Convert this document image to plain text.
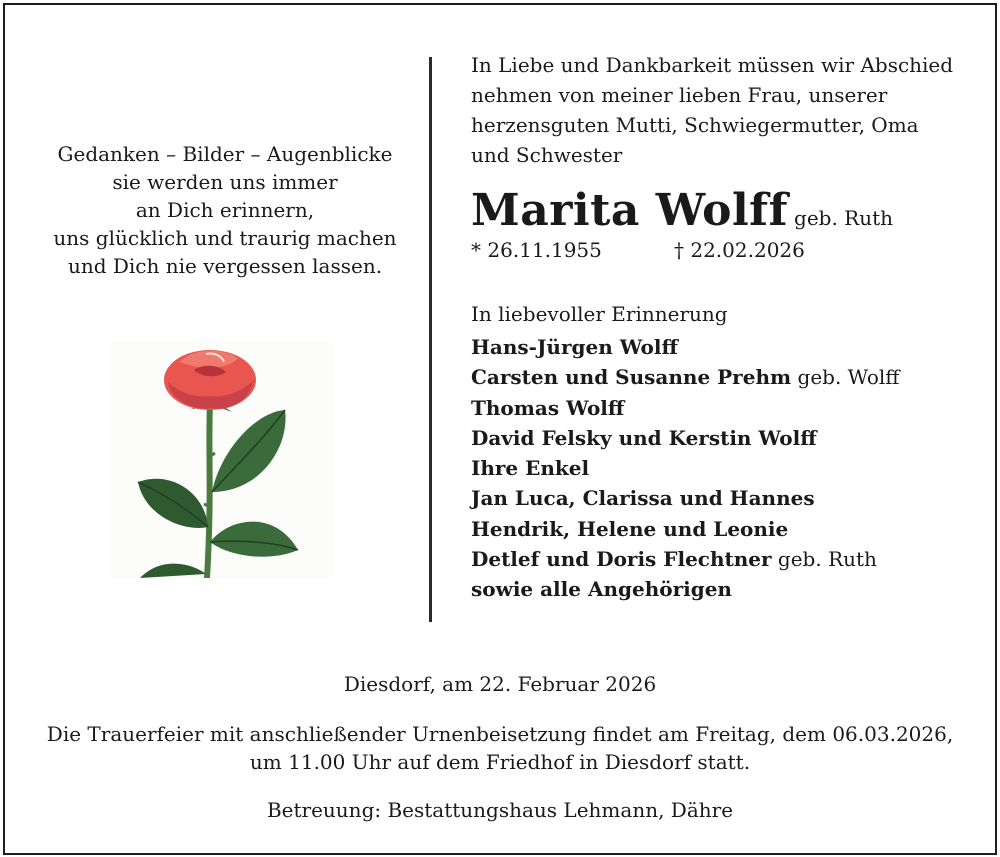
Gedanken – Bilder – Augenblicke
sie werden uns immer
an Dich erinnern,
uns glücklich und traurig machen
und Dich nie vergessen lassen.
In Liebe und Dankbarkeit müssen wir Abschied
nehmen von meiner lieben Frau, unserer
herzensguten Mutti, Schwiegermutter, Oma
und Schwester
Marita Wolff geb. Ruth
* 26.11.1955	† 22.02.2026
In liebevoller Erinnerung
Hans-Jürgen Wolff
Carsten und Susanne Prehm geb. Wolff
Thomas Wolff
David Felsky und Kerstin Wolff
Ihre Enkel
Jan Luca, Clarissa und Hannes
Hendrik, Helene und Leonie
Detlef und Doris Flechtner geb. Ruth
sowie alle Angehörigen
Diesdorf, am 22. Februar 2026
Die Trauerfeier mit anschließender Urnenbeisetzung findet am Freitag, dem 06.03.2026,
um 11.00 Uhr auf dem Friedhof in Diesdorf statt.
Betreuung: Bestattungshaus Lehmann, Dähre
